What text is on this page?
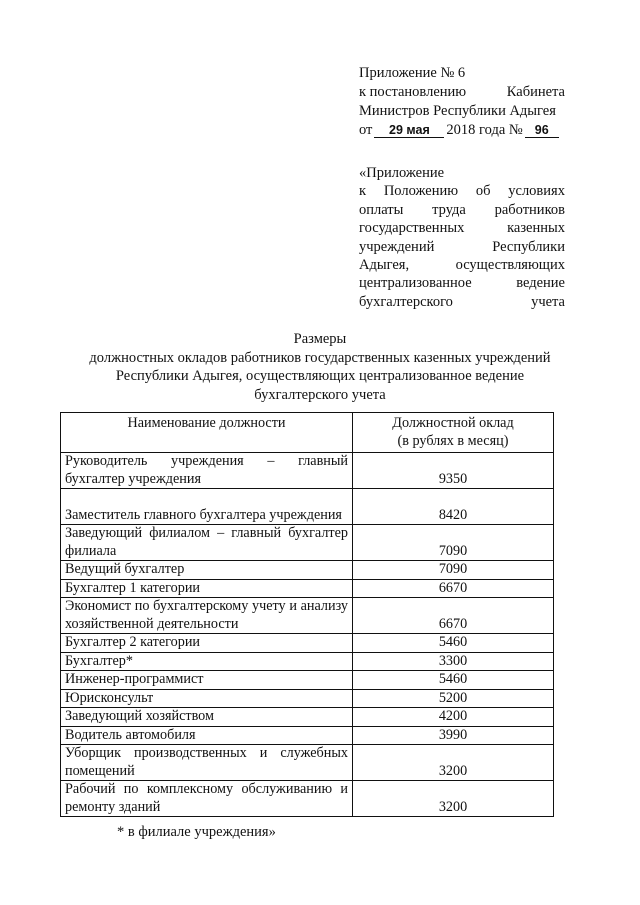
Приложение № 6
к постановлению	Кабинета
Министров Республики Адыгея
от 29 мая 2018 года № 96
«Приложение
к Положению об условиях
оплаты труда работников
государственных	казенных
учреждений	Республики
Адыгея,	осуществляющих
централизованное	ведение
бухгалтерского	учета
Размеры
должностных окладов работников государственных казенных учреждений
Республики Адыгея, осуществляющих централизованное ведение
бухгалтерского учета
Наименование должности	Должностной оклад
(в рублях в месяц)

Руководитель учреждения – главный бухгалтер учреждения	9350
Заместитель главного бухгалтера учреждения	8420
Заведующий филиалом – главный бухгалтер филиала	7090
Ведущий бухгалтер	7090
Бухгалтер 1 категории	6670
Экономист по бухгалтерскому учету и анализу хозяйственной деятельности	6670
Бухгалтер 2 категории	5460
Бухгалтер*	3300
Инженер-программист	5460
Юрисконсульт	5200
Заведующий хозяйством	4200
Водитель автомобиля	3990
Уборщик производственных и служебных помещений	3200
Рабочий по комплексному обслуживанию и ремонту зданий	3200
* в филиале учреждения»
